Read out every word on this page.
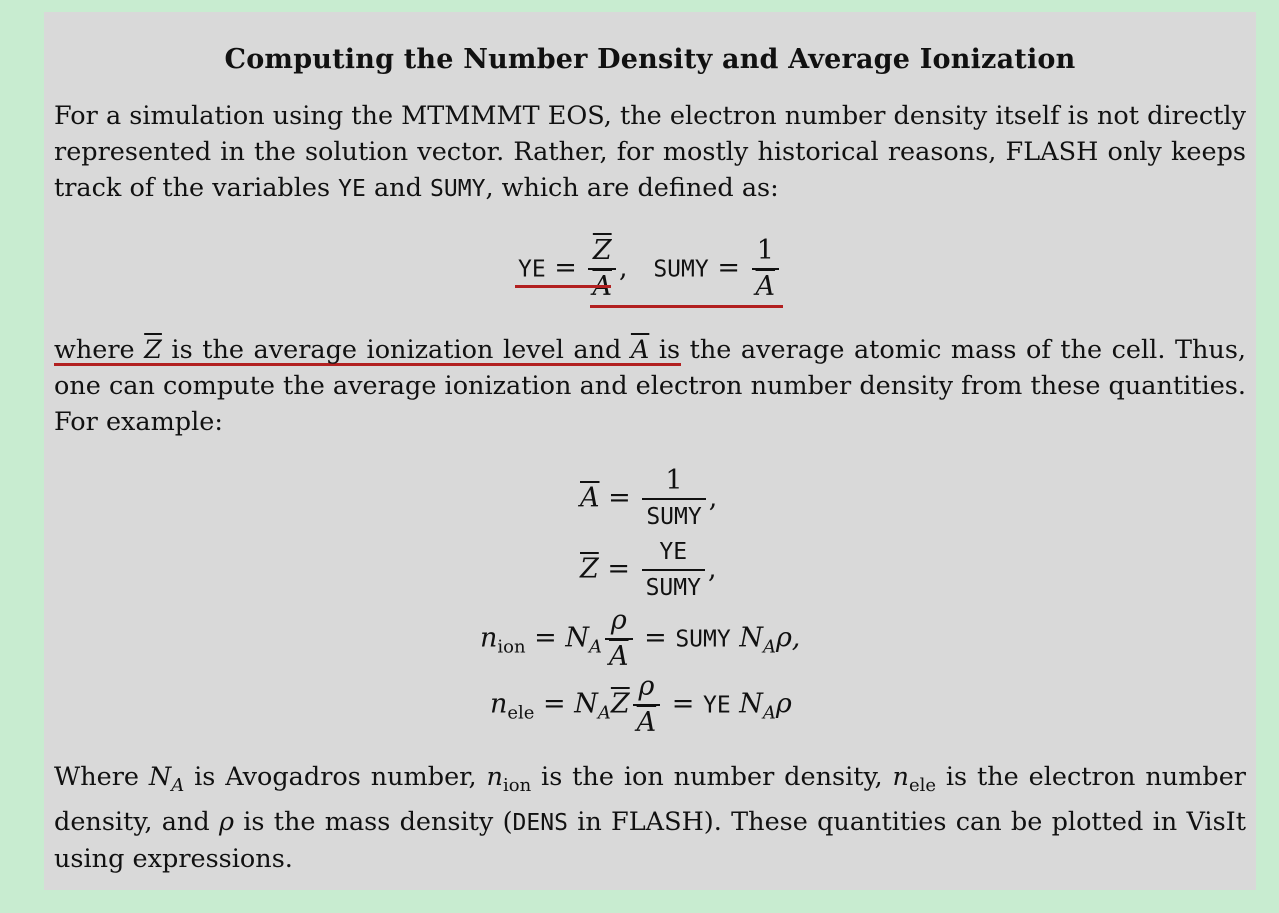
Computing the Number Density and Average Ionization
For a simulation using the MTMMMT EOS, the electron number density itself is not directly represented in the solution vector. Rather, for mostly historical reasons, FLASH only keeps track of the variables YE and SUMY, which are defined as:
YE =
$\overline{Z}$
, SUMY = $\frac{1}{A}$
where $\overline{Z}$ is the average ionization level and $\overline{A}$ is the average atomic mass of the cell. Thus, one can compute the average ionization and electron number density from these quantities. For example:
$\overline{A} = \frac{1}{\text{SUMY}}$ ,
$\overline{Z} = \frac{YE}{\text{SUMY}}$ ,
$n_{ion} = N_A \frac{\rho}{A}$ = SUMY $N_A\rho$,
$n_{ele} = N_A\overline{Z} \frac{\rho}{A}$ = YE $N_A\rho$
Where $N_A$ is Avogadros number, $n_{ion}$ is the ion number density, $n_{ele}$ is the electron number density, and ρ is the mass density (DENS in FLASH). These quantities can be plotted in VisIt using expressions.
